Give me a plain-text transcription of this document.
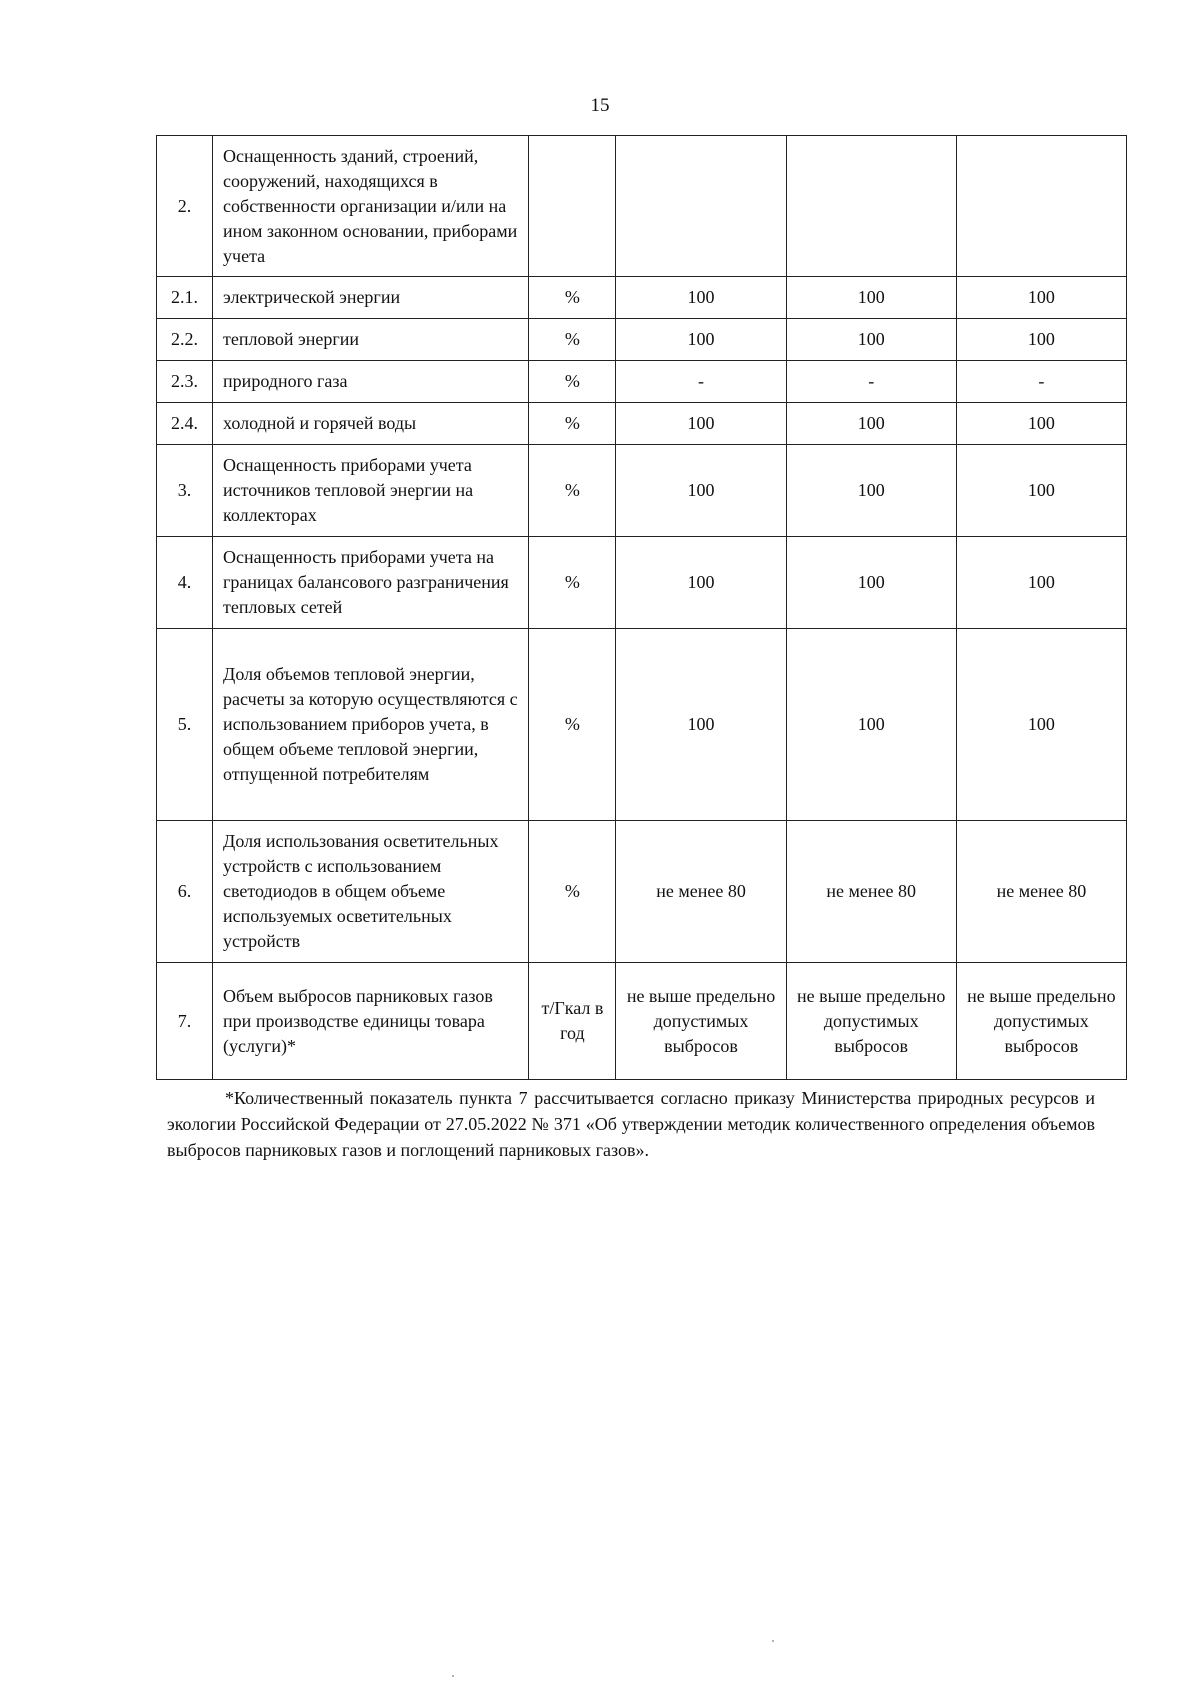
15
2.	Оснащенность зданий, строений, сооружений, находящихся в собственности организации и/или на ином законном основании, приборами учета				
2.1.	электрической энергии	%	100	100	100
2.2.	тепловой энергии	%	100	100	100
2.3.	природного газа	%	-	-	-
2.4.	холодной и горячей воды	%	100	100	100
3.	Оснащенность приборами учета источников тепловой энергии на коллекторах	%	100	100	100
4.	Оснащенность приборами учета на границах балансового разграничения тепловых сетей	%	100	100	100
5.	Доля объемов тепловой энергии, расчеты за которую осуществляются с использованием приборов учета, в общем объеме тепловой энергии, отпущенной потребителям	%	100	100	100
6.	Доля использования осветительных устройств с использованием светодиодов в общем объеме используемых осветительных устройств	%	не менее 80	не менее 80	не менее 80
7.	Объем выбросов парниковых газов при производстве единицы товара (услуги)*	т/Гкал в год	не выше предельно допустимых выбросов	не выше предельно допустимых выбросов	не выше предельно допустимых выбросов
*Количественный показатель пункта 7 рассчитывается согласно приказу Министерства природных ресурсов и экологии Российской Федерации от 27.05.2022 № 371 «Об утверждении методик количественного определения объемов выбросов парниковых газов и поглощений парниковых газов».
